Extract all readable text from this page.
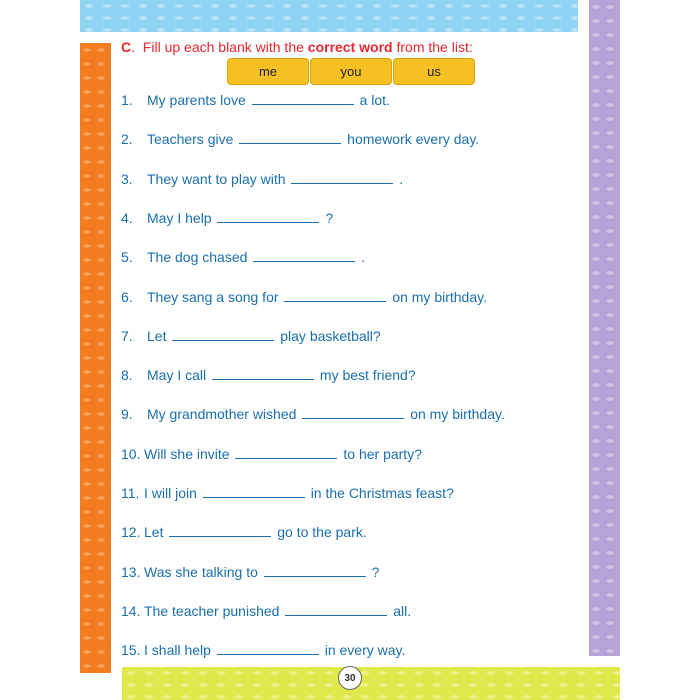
C.  Fill up each blank with the correct word from the list:
me	you	us
1. My parents love	a lot.
2. Teachers give	homework every day.
3. They want to play with	.
4. May I help	?
5. The dog chased	.
6. They sang a song for	on my birthday.
7. Let	play basketball?
8. May I call	my best friend?
9. My grandmother wished	on my birthday.
10. Will she invite	to her party?
11. I will join	in the Christmas feast?
12. Let	go to the park.
13. Was she talking to	?
14. The teacher punished	all.
15. I shall help	in every way.
30
